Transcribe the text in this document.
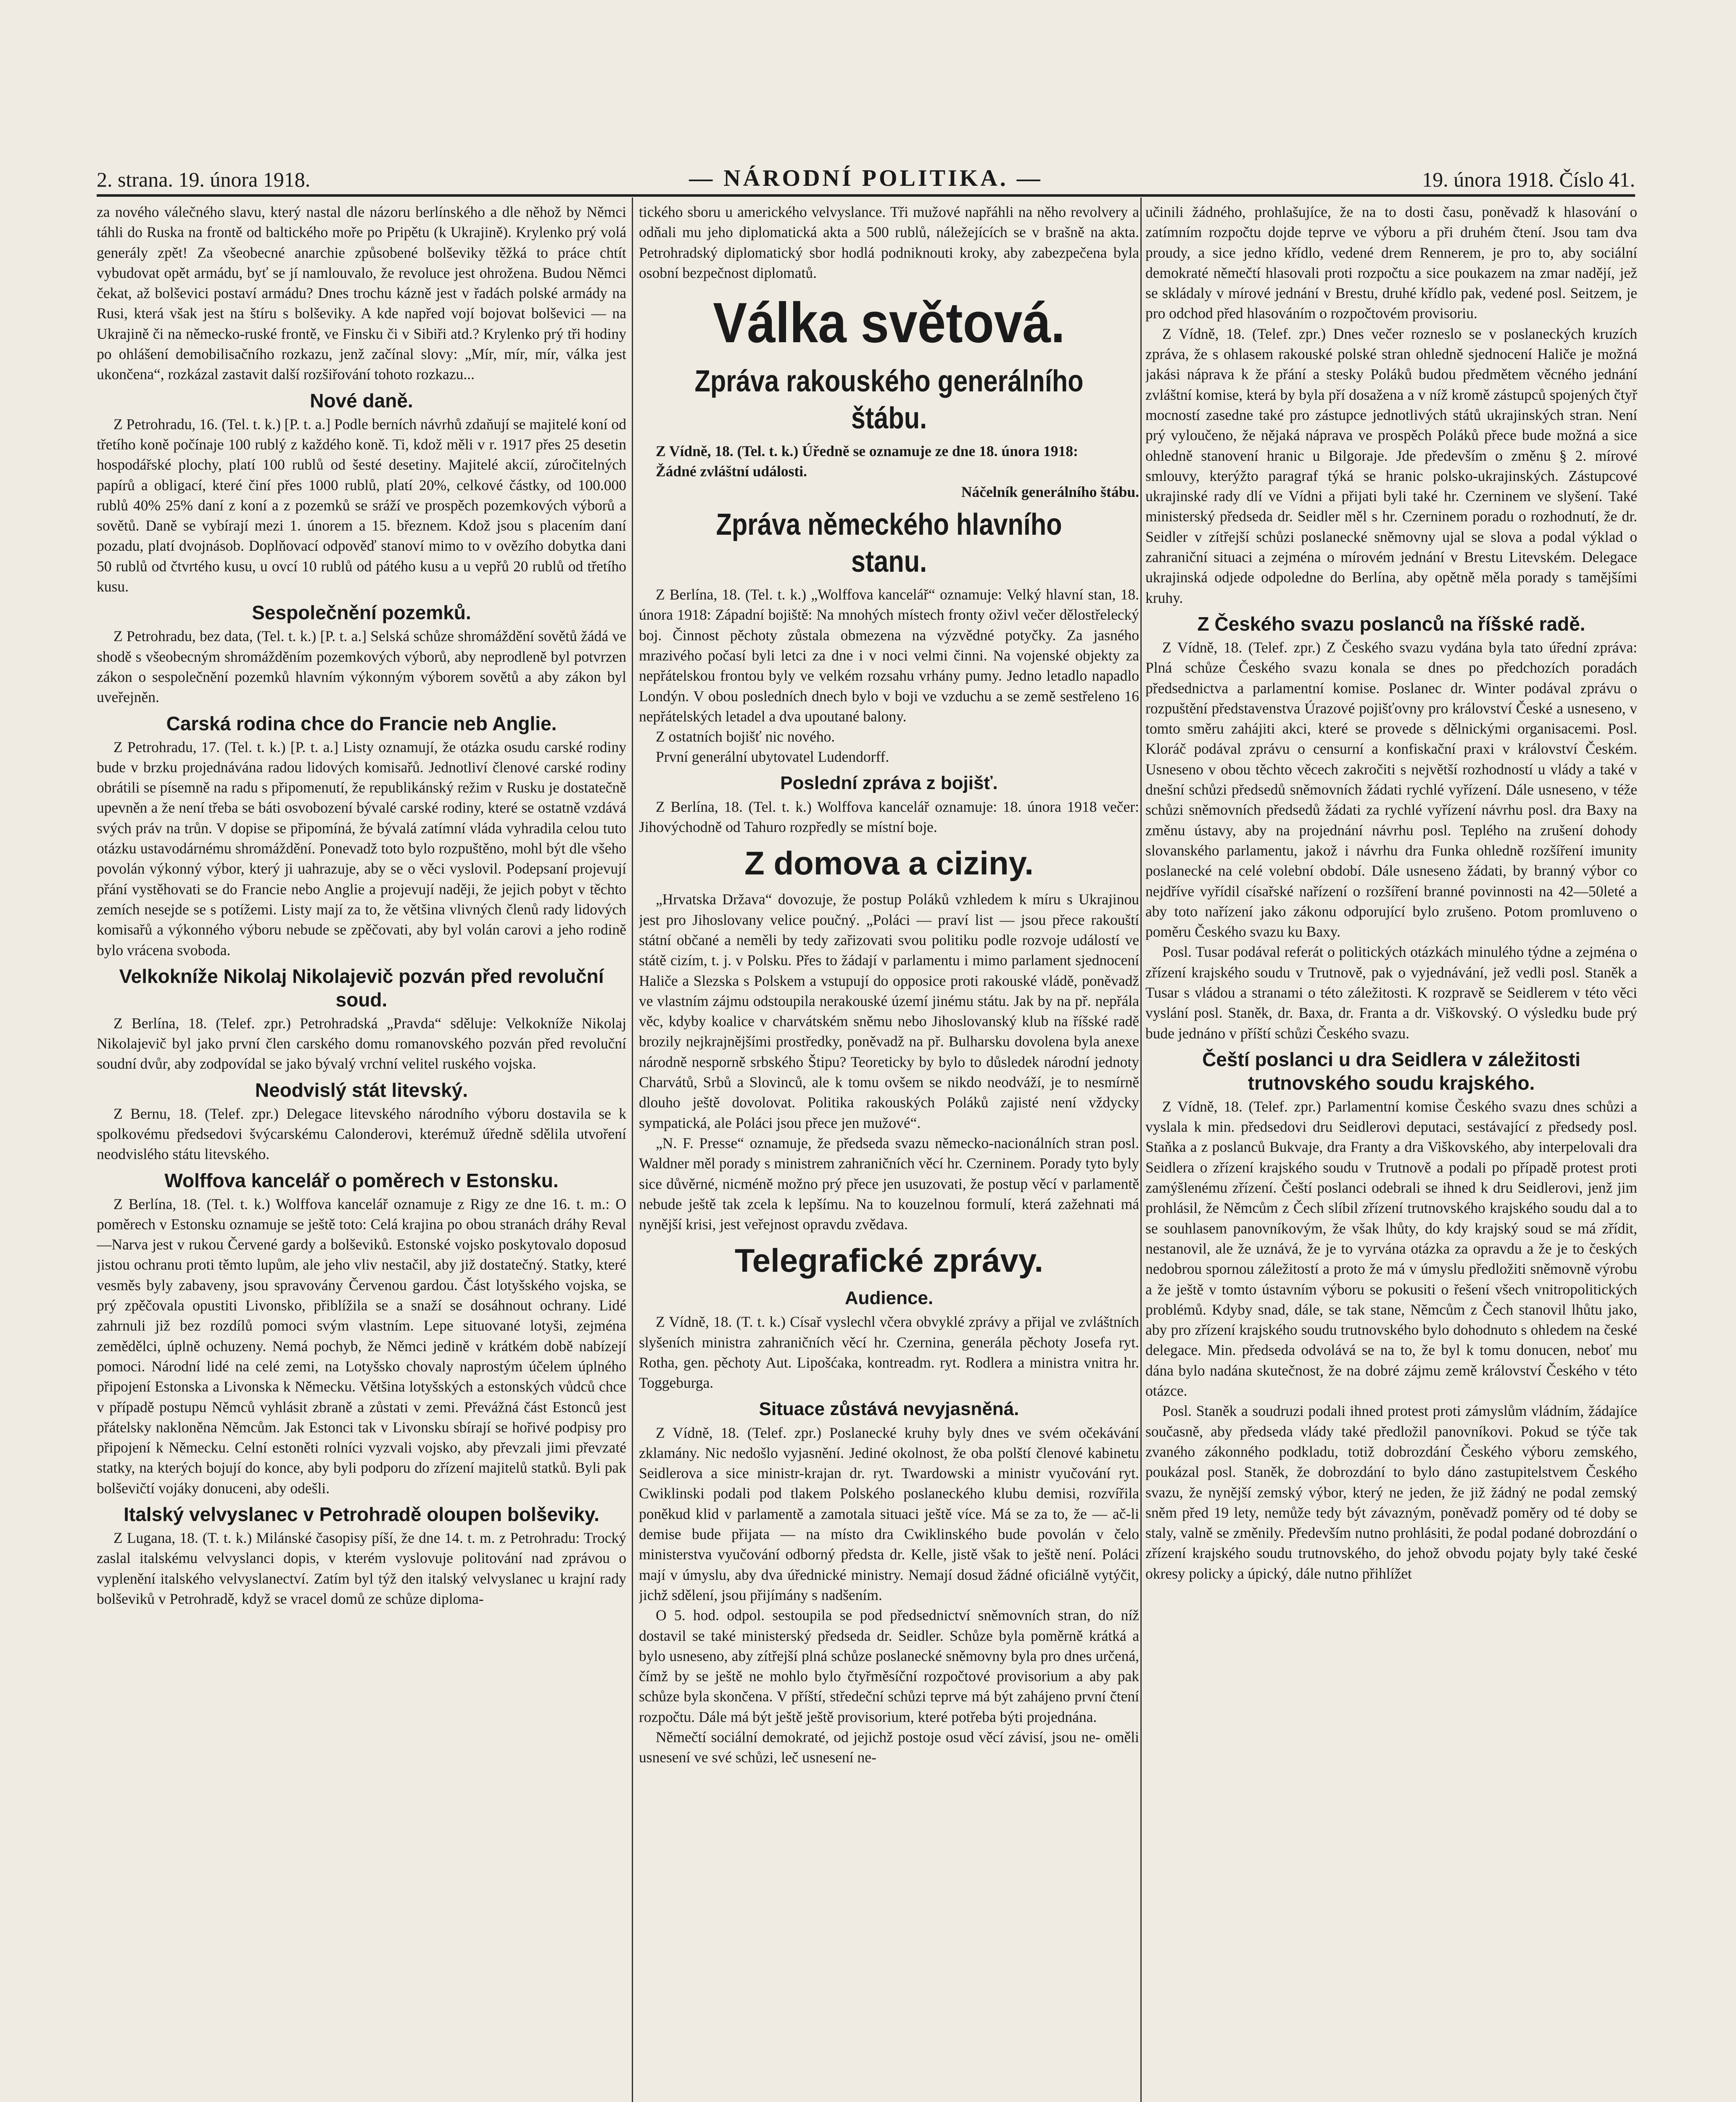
2. strana. 19. února 1918.	— NÁRODNÍ POLITIKA. —	19. února 1918. Číslo 41.

za nového válečného slavu, který nastal dle názoru berlínského a dle něhož by Němci táhli do Ruska na frontě od baltického moře po Pripětu (k Ukrajině). Krylenko prý volá generály zpět! Za všeobecné anarchie způsobené bolševiky těžká to práce chtít vybudovat opět armádu, byť se jí namlouvalo, že revoluce jest ohrožena. Budou Němci čekat, až bolševici postaví armádu? Dnes trochu kázně jest v řadách polské armády na Rusi, která však jest na štíru s bolševiky. A kde napřed vojí bojovat bolševici — na Ukrajině či na německo-ruské frontě, ve Finsku či v Sibiři atd.? Krylenko prý tři hodiny po ohlášení demobilisačního rozkazu, jenž začínal slovy: „Mír, mír, mír, válka jest ukončena“, rozkázal zastavit další rozšiřování tohoto rozkazu...

Nové daně.

Z Petrohradu, 16. (Tel. t. k.) [P. t. a.] Podle berních návrhů zdaňují se majitelé koní od třetího koně počínaje 100 rublý z každého koně. Ti, kdož měli v r. 1917 přes 25 desetin hospodářské plochy, platí 100 rublů od šesté desetiny. Majitelé akcií, zúročitelných papírů a obligací, které činí přes 1000 rublů, platí 20%, celkové částky, od 100.000 rublů 40% 25% daní z koní a z pozemků se sráží ve prospěch pozemkových výborů a sovětů. Daně se vybírají mezi 1. únorem a 15. březnem. Kdož jsou s placením daní pozadu, platí dvojnásob. Doplňovací odpověď stanoví mimo to v ovězího dobytka dani 50 rublů od čtvrtého kusu, u ovcí 10 rublů od pátého kusu a u vepřů 20 rublů od třetího kusu.

Sespolečnění pozemků.

Z Petrohradu, bez data, (Tel. t. k.) [P. t. a.] Selská schůze shromáždění sovětů žádá ve shodě s všeobecným shromážděním pozemkových výborů, aby neprodleně byl potvrzen zákon o sespolečnění pozemků hlavním výkonným výborem sovětů a aby zákon byl uveřejněn.

Carská rodina chce do Francie neb Anglie.

Z Petrohradu, 17. (Tel. t. k.) [P. t. a.] Listy oznamují, že otázka osudu carské rodiny bude v brzku projednávána radou lidových komisařů. Jednotliví členové carské rodiny obrátili se písemně na radu s připomenutí, že republikánský režim v Rusku je dostatečně upevněn a že není třeba se báti osvobození bývalé carské rodiny, které se ostatně vzdává svých práv na trůn. V dopise se připomíná, že bývalá zatímní vláda vyhradila celou tuto otázku ustavodárnému shromáždění. Ponevadž toto bylo rozpuštěno, mohl být dle všeho povolán výkonný výbor, který ji uahrazuje, aby se o věci vyslovil. Podepsaní projevují přání vystěhovati se do Francie nebo Anglie a projevují naději, že jejich pobyt v těchto zemích nesejde se s potížemi. Listy mají za to, že většina vlivných členů rady lidových komisařů a výkonného výboru nebude se zpěčovati, aby byl volán carovi a jeho rodině bylo vrácena svoboda.

Velkokníže Nikolaj Nikolajevič pozván před revoluční soud.

Z Berlína, 18. (Telef. zpr.) Petrohradská „Pravda“ sděluje: Velkokníže Nikolaj Nikolajevič byl jako první člen carského domu romanovského pozván před revoluční soudní dvůr, aby zodpovídal se jako bývalý vrchní velitel ruského vojska.

Neodvislý stát litevský.

Z Bernu, 18. (Telef. zpr.) Delegace litevského národního výboru dostavila se k spolkovému předsedovi švýcarskému Calonderovi, kterémuž úředně sdělila utvoření neodvislého státu litevského.

Wolffova kancelář o poměrech v Estonsku.

Z Berlína, 18. (Tel. t. k.) Wolffova kancelář oznamuje z Rigy ze dne 16. t. m.: O poměrech v Estonsku oznamuje se ještě toto: Celá krajina po obou stranách dráhy Reval—Narva jest v rukou Červené gardy a bolševiků. Estonské vojsko poskytovalo doposud jistou ochranu proti těmto lupům, ale jeho vliv nestačil, aby již dostatečný. Statky, které vesměs byly zabaveny, jsou spravovány Červenou gardou. Část lotyšského vojska, se prý zpěčovala opustiti Livonsko, přiblížila se a snaží se dosáhnout ochrany. Lidé zahrnuli již bez rozdílů pomoci svým vlastním. Lepe situované lotyši, zejména zemědělci, úplně ochuzeny. Nemá pochyb, že Němci jedině v krátkém době nabízejí pomoci. Národní lidé na celé zemi, na Lotyšsko chovaly naprostým účelem úplného připojení Estonska a Livonska k Německu. Většina lotyšských a estonských vůdců chce v případě postupu Němců vyhlásit zbraně a zůstati v zemi. Převážná část Estonců jest přátelsky nakloněna Němcům. Jak Estonci tak v Livonsku sbírají se hořivé podpisy pro připojení k Německu. Celní estoněti rolníci vyzvali vojsko, aby převzali jimi převzaté statky, na kterých bojují do konce, aby byli podporu do zřízení majitelů statků. Byli pak bolševičtí vojáky donuceni, aby odešli.

Italský velvyslanec v Petrohradě oloupen bolševiky.

Z Lugana, 18. (T. t. k.) Milánské časopisy píší, že dne 14. t. m. z Petrohradu: Trocký zaslal italskému velvyslanci dopis, v kterém vyslovuje politování nad zprávou o vyplenění italského velvyslanectví. Zatím byl týž den italský velvyslanec u krajní rady bolševiků v Petrohradě, když se vracel domů ze schůze diploma-

tického sboru u amerického velvyslance. Tři mužové napřáhli na něho revolvery a odňali mu jeho diplomatická akta a 500 rublů, náležejících se v brašně na akta. Petrohradský diplomatický sbor hodlá podniknouti kroky, aby zabezpečena byla osobní bezpečnost diplomatů.

Válka světová.
Zpráva rakouského generálního štábu.

Z Vídně, 18. (Tel. t. k.) Úředně se oznamuje ze dne 18. února 1918:

Žádné zvláštní události.

Náčelník generálního štábu.

Zpráva německého hlavního stanu.

Z Berlína, 18. (Tel. t. k.) „Wolffova kancelář“ oznamuje: Velký hlavní stan, 18. února 1918: Západní bojiště: Na mnohých místech fronty oživl večer dělostřelecký boj. Činnost pěchoty zůstala obmezena na výzvědné potyčky. Za jasného mrazivého počasí byli letci za dne i v noci velmi činni. Na vojenské objekty za nepřátelskou frontou byly ve velkém rozsahu vrhány pumy. Jedno letadlo napadlo Londýn. V obou posledních dnech bylo v boji ve vzduchu a se země sestřeleno 16 nepřátelských letadel a dva upoutané balony.

Z ostatních bojišť nic nového.

První generální ubytovatel Ludendorff.

Poslední zpráva z bojišť.

Z Berlína, 18. (Tel. t. k.) Wolffova kancelář oznamuje: 18. února 1918 večer: Jihovýchodně od Tahuro rozpředly se místní boje.

Z domova a ciziny.

„Hrvatska Država“ dovozuje, že postup Poláků vzhledem k míru s Ukrajinou jest pro Jihoslovany velice poučný. „Poláci — praví list — jsou přece rakouští státní občané a neměli by tedy zařizovati svou politiku podle rozvoje událostí ve státě cizím, t. j. v Polsku. Přes to žádají v parlamentu i mimo parlament sjednocení Haliče a Slezska s Polskem a vstupují do opposice proti rakouské vládě, poněvadž ve vlastním zájmu odstoupila nerakouské území jinému státu. Jak by na př. nepřála věc, kdyby koalice v charvátském sněmu nebo Jihoslovanský klub na říšské radě brozily nejkrajnějšími prostředky, poněvadž na př. Bulharsku dovolena byla anexe národně nesporně srbského Štipu? Teoreticky by bylo to důsledek národní jednoty Charvátů, Srbů a Slovinců, ale k tomu ovšem se nikdo neodváží, je to nesmírně dlouho ještě dovolovat. Politika rakouských Poláků zajisté není vždycky sympatická, ale Poláci jsou přece jen mužové“.

„N. F. Presse“ oznamuje, že předseda svazu německo-nacionálních stran posl. Waldner měl porady s ministrem zahraničních věcí hr. Czerninem. Porady tyto byly sice důvěrné, nicméně možno prý přece jen usuzovati, že postup věcí v parlamentě nebude ještě tak zcela k lepšímu. Na to kouzelnou formulí, která zažehnati má nynější krisi, jest veřejnost opravdu zvědava.

Telegrafické zprávy.
Audience.

Z Vídně, 18. (T. t. k.) Císař vyslechl včera obvyklé zprávy a přijal ve zvláštních slyšeních ministra zahraničních věcí hr. Czernina, generála pěchoty Josefa ryt. Rotha, gen. pěchoty Aut. Lipošćaka, kontreadm. ryt. Rodlera a ministra vnitra hr. Toggeburga.

Situace zůstává nevyjasněná.

Z Vídně, 18. (Telef. zpr.) Poslanecké kruhy byly dnes ve svém očekávání zklamány. Nic nedošlo vyjasnění. Jediné okolnost, že oba polští členové kabinetu Seidlerova a sice ministr-krajan dr. ryt. Twardowski a ministr vyučování ryt. Cwiklinski podali pod tlakem Polského poslaneckého klubu demisi, rozvířila poněkud klid v parlamentě a zamotala situaci ještě více. Má se za to, že — ač-li demise bude přijata — na místo dra Cwiklinského bude povolán v čelo ministerstva vyučování odborný předsta dr. Kelle, jistě však to ještě není. Poláci mají v úmyslu, aby dva úřednické ministry. Nemají dosud žádné oficiálně vytýčit, jichž sdělení, jsou přijímány s nadšením.

O 5. hod. odpol. sestoupila se pod předsednictví sněmovních stran, do níž dostavil se také ministerský předseda dr. Seidler. Schůze byla poměrně krátká a bylo usneseno, aby zítřejší plná schůze poslanecké sněmovny byla pro dnes určená, čímž by se ještě ne mohlo bylo čtyřměsíční rozpočtové provisorium a aby pak schůze byla skončena. V příští, středeční schůzi teprve má být zahájeno první čtení rozpočtu. Dále má být ještě ještě provisorium, které potřeba býti projednána.

Němečtí sociální demokraté, od jejichž postoje osud věcí závisí, jsou ne- oměli usnesení ve své schůzi, leč usnesení ne-

učinili žádného, prohlašujíce, že na to dosti času, poněvadž k hlasování o zatímním rozpočtu dojde teprve ve výboru a při druhém čtení. Jsou tam dva proudy, a sice jedno křídlo, vedené drem Rennerem, je pro to, aby sociální demokraté němečtí hlasovali proti rozpočtu a sice poukazem na zmar nadějí, jež se skládaly v mírové jednání v Brestu, druhé křídlo pak, vedené posl. Seitzem, je pro odchod před hlasováním o rozpočtovém provisoriu.

Z Vídně, 18. (Telef. zpr.) Dnes večer rozneslo se v poslaneckých kruzích zpráva, že s ohlasem rakouské polské stran ohledně sjednocení Haliče je možná jakási náprava k že přání a stesky Poláků budou předmětem věcného jednání zvláštní komise, která by byla pří dosažena a v níž kromě zástupců spojených čtyř mocností zasedne také pro zástupce jednotlivých států ukrajinských stran. Není prý vyloučeno, že nějaká náprava ve prospěch Poláků přece bude možná a sice ohledně stanovení hranic u Bilgoraje. Jde především o změnu § 2. mírové smlouvy, kterýžto paragraf týká se hranic polsko-ukrajinských. Zástupcové ukrajinské rady dlí ve Vídni a přijati byli také hr. Czerninem ve slyšení. Také ministerský předseda dr. Seidler měl s hr. Czerninem poradu o rozhodnutí, že dr. Seidler v zítřejší schůzi poslanecké sněmovny ujal se slova a podal výklad o zahraniční situaci a zejména o mírovém jednání v Brestu Litevském. Delegace ukrajinská odjede odpoledne do Berlína, aby opětně měla porady s tamějšími kruhy.

Z Českého svazu poslanců na říšské radě.

Z Vídně, 18. (Telef. zpr.) Z Českého svazu vydána byla tato úřední zpráva: Plná schůze Českého svazu konala se dnes po předchozích poradách předsednictva a parlamentní komise. Poslanec dr. Winter podával zprávu o rozpuštění představenstva Úrazové pojišťovny pro království České a usneseno, v tomto směru zahájiti akci, které se provede s dělnickými organisacemi. Posl. Kloráč podával zprávu o censurní a konfiskační praxi v království Českém. Usneseno v obou těchto věcech zakročiti s největší rozhodností u vlády a také v dnešní schůzi předsedů sněmovních žádati rychlé vyřízení. Dále usneseno, v téže schůzi sněmovních předsedů žádati za rychlé vyřízení návrhu posl. dra Baxy na změnu ústavy, aby na projednání návrhu posl. Teplého na zrušení dohody slovanského parlamentu, jakož i návrhu dra Funka ohledně rozšíření imunity poslanecké na celé volební období. Dále usneseno žádati, by branný výbor co nejdříve vyřídil císařské nařízení o rozšíření branné povinnosti na 42—50leté a aby toto nařízení jako zákonu odporující bylo zrušeno. Potom promluveno o poměru Českého svazu ku Baxy.

Posl. Tusar podával referát o politických otázkách minulého týdne a zejména o zřízení krajského soudu v Trutnově, pak o vyjednávání, jež vedli posl. Staněk a Tusar s vládou a stranami o této záležitosti. K rozpravě se Seidlerem v této věci vyslání posl. Staněk, dr. Baxa, dr. Franta a dr. Viškovský. O výsledku bude prý bude jednáno v příští schůzi Českého svazu.

Čeští poslanci u dra Seidlera v záležitosti trutnovského soudu krajského.

Z Vídně, 18. (Telef. zpr.) Parlamentní komise Českého svazu dnes schůzi a vyslala k min. předsedovi dru Seidlerovi deputaci, sestávající z předsedy posl. Staňka a z poslanců Bukvaje, dra Franty a dra Viškovského, aby interpelovali dra Seidlera o zřízení krajského soudu v Trutnově a podali po případě protest proti zamýšlenému zřízení. Čeští poslanci odebrali se ihned k dru Seidlerovi, jenž jim prohlásil, že Němcům z Čech slíbil zřízení trutnovského krajského soudu dal a to se souhlasem panovníkovým, že však lhůty, do kdy krajský soud se má zřídit, nestanovil, ale že uznává, že je to vyrvána otázka za opravdu a že je to českých nedobrou spornou záležitostí a proto že má v úmyslu předložiti sněmovně výrobu a že ještě v tomto ústavním výboru se pokusiti o řešení všech vnitropolitických problémů. Kdyby snad, dále, se tak stane, Němcům z Čech stanovil lhůtu jako, aby pro zřízení krajského soudu trutnovského bylo dohodnuto s ohledem na české delegace. Min. předseda odvolává se na to, že byl k tomu donucen, neboť mu dána bylo nadána skutečnost, že na dobré zájmu země království Českého v této otázce.

Posl. Staněk a soudruzi podali ihned protest proti zámyslům vládním, žádajíce současně, aby předseda vlády také předložil panovníkovi. Pokud se týče tak zvaného zákonného podkladu, totiž dobrozdání Českého výboru zemského, poukázal posl. Staněk, že dobrozdání to bylo dáno zastupitelstvem Českého svazu, že nynější zemský výbor, který ne jeden, že již žádný ne podal zemský sněm před 19 lety, nemůže tedy být závazným, poněvadž poměry od té doby se staly, valně se změnily. Především nutno prohlásiti, že podal podané dobrozdání o zřízení krajského soudu trutnovského, do jehož obvodu pojaty byly také české okresy policky a úpický, dále nutno přihlížet
